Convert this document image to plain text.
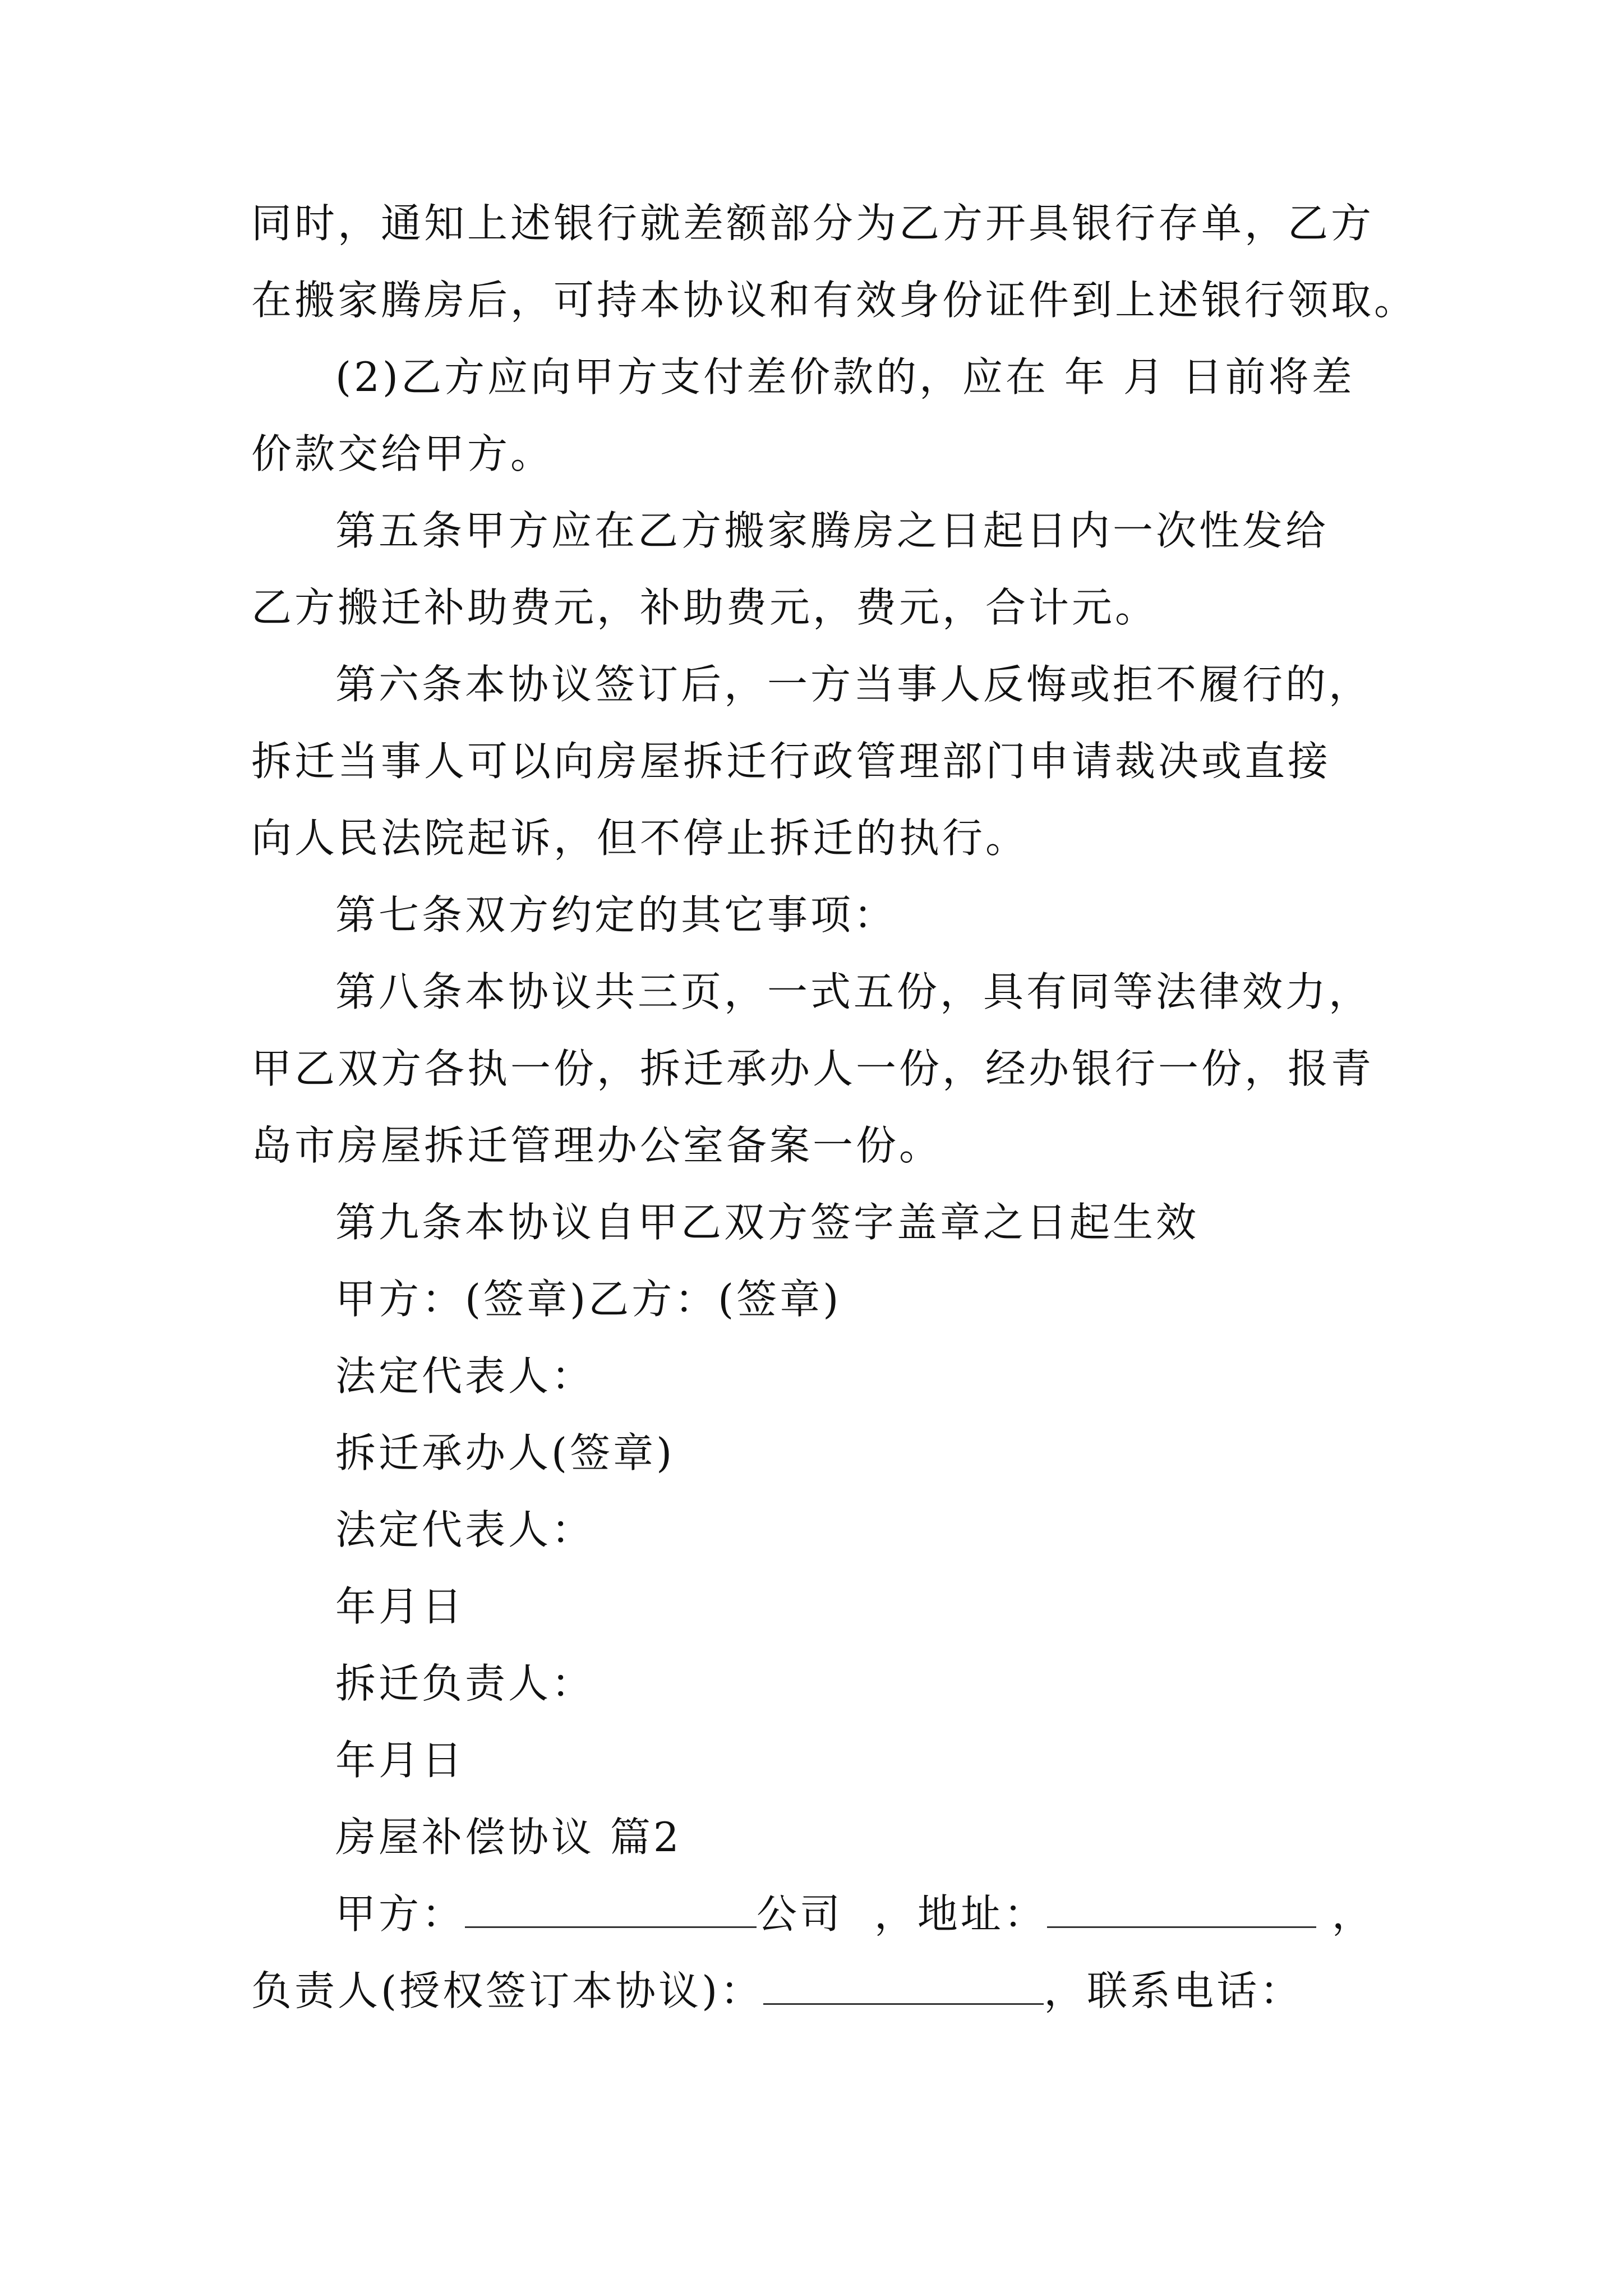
同时，通知上述银行就差额部分为乙方开具银行存单，乙方
在搬家腾房后，可持本协议和有效身份证件到上述银行领取。
(2)乙方应向甲方支付差价款的，应在 年 月 日前将差
价款交给甲方。
第五条甲方应在乙方搬家腾房之日起日内一次性发给
乙方搬迁补助费元，补助费元，费元，合计元。
第六条本协议签订后，一方当事人反悔或拒不履行的，
拆迁当事人可以向房屋拆迁行政管理部门申请裁决或直接
向人民法院起诉，但不停止拆迁的执行。
第七条双方约定的其它事项：
第八条本协议共三页，一式五份，具有同等法律效力，
甲乙双方各执一份，拆迁承办人一份，经办银行一份，报青
岛市房屋拆迁管理办公室备案一份。
第九条本协议自甲乙双方签字盖章之日起生效
甲方：(签章)乙方：(签章)
法定代表人：
拆迁承办人(签章)
法定代表人：
年月日
拆迁负责人：
年月日
房屋补偿协议 篇2
甲方：	公司 ，地址：	，
负责人(授权签订本协议)：	，联系电话：
